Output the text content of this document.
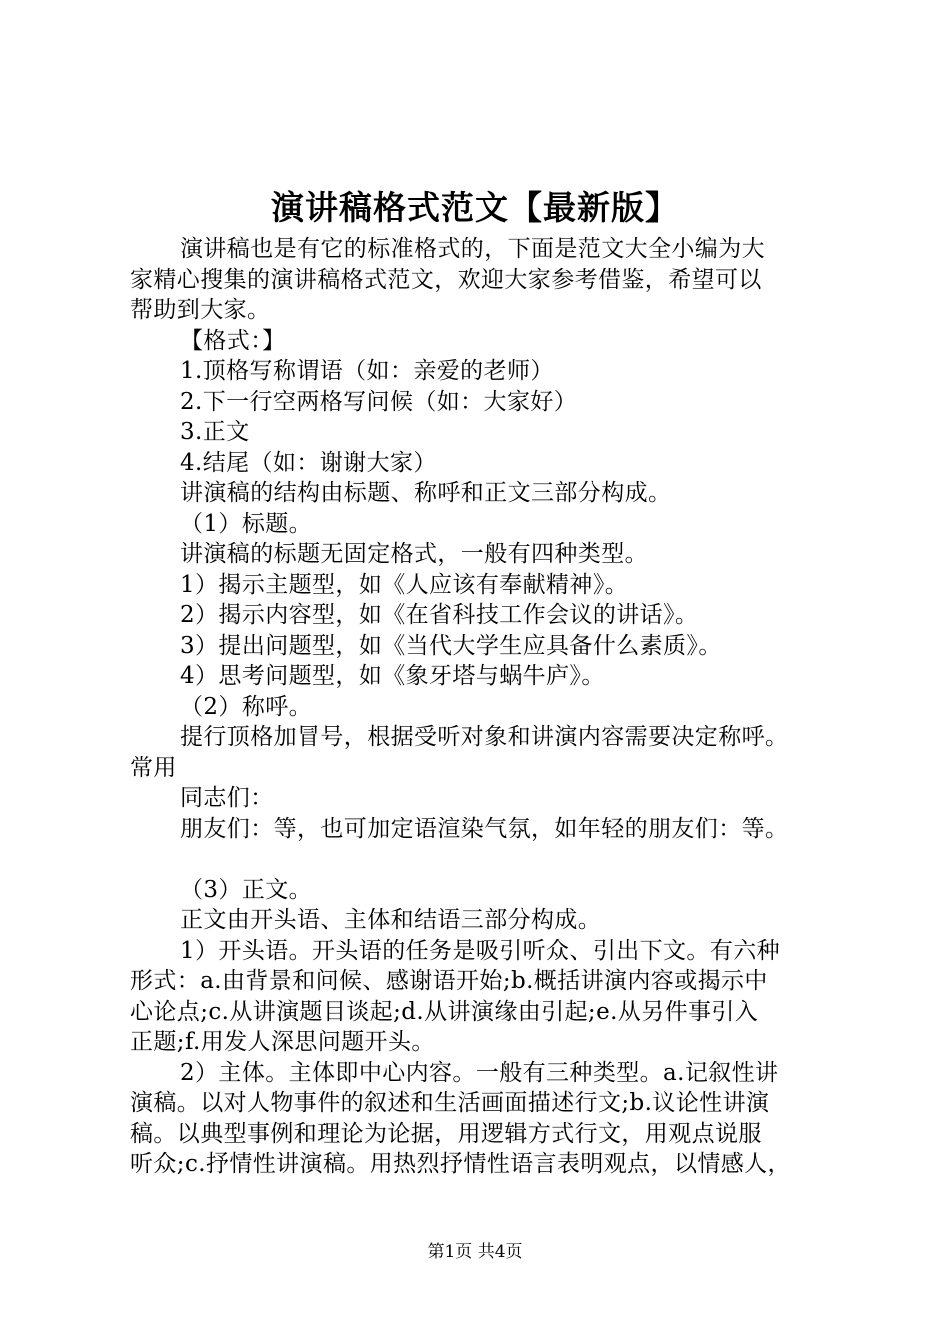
演讲稿格式范文【最新版】
演讲稿也是有它的标准格式的，下面是范文大全小编为大
家精心搜集的演讲稿格式范文，欢迎大家参考借鉴，希望可以
帮助到大家。
【格式：】
1.顶格写称谓语（如：亲爱的老师）
2.下一行空两格写问候（如：大家好）
3.正文
4.结尾（如：谢谢大家）
讲演稿的结构由标题、称呼和正文三部分构成。
（1）标题。
讲演稿的标题无固定格式，一般有四种类型。
1）揭示主题型，如《人应该有奉献精神》。
2）揭示内容型，如《在省科技工作会议的讲话》。
3）提出问题型，如《当代大学生应具备什么素质》。
4）思考问题型，如《象牙塔与蜗牛庐》。
（2）称呼。
提行顶格加冒号，根据受听对象和讲演内容需要决定称呼。
常用
同志们：
朋友们：等，也可加定语渲染气氛，如年轻的朋友们：等。
（3）正文。
正文由开头语、主体和结语三部分构成。
1）开头语。开头语的任务是吸引听众、引出下文。有六种
形式：a.由背景和问候、感谢语开始;b.概括讲演内容或揭示中
心论点;c.从讲演题目谈起;d.从讲演缘由引起;e.从另件事引入
正题;f.用发人深思问题开头。
2）主体。主体即中心内容。一般有三种类型。a.记叙性讲
演稿。以对人物事件的叙述和生活画面描述行文;b.议论性讲演
稿。以典型事例和理论为论据，用逻辑方式行文，用观点说服
听众;c.抒情性讲演稿。用热烈抒情性语言表明观点，以情感人，
第1页 共4页
